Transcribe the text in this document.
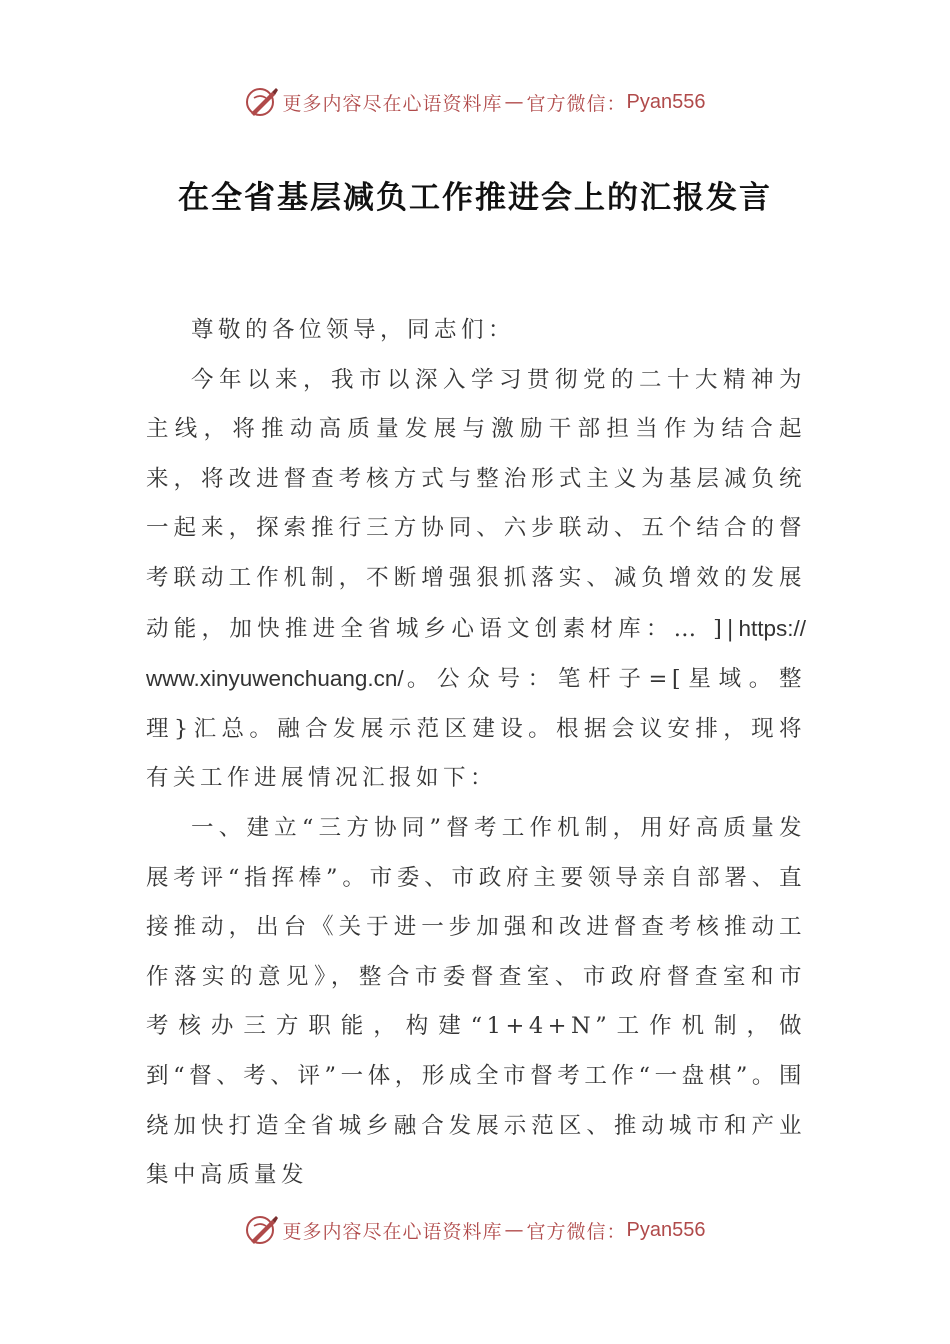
更多内容尽在心语资料库 — 官方微信： Pyan556
在全省基层减负工作推进会上的汇报发言

尊敬的各位领导，同志们：

今年以来，我市以深入学习贯彻党的二十大精神为主线，将推动高质量发展与激励干部担当作为结合起来，将改进督查考核方式与整治形式主义为基层减负统一起来，探索推行三方协同、六步联动、五个结合的督考联动工作机制，不断增强狠抓落实、减负增效的发展动能，加快推进全省城乡心语文创素材库：… ]|https://www.xinyuwenchuang.cn/。公众号：笔杆子=[星域。整理}汇总。融合发展示范区建设。根据会议安排，现将有关工作进展情况汇报如下：

一、建立“三方协同”督考工作机制，用好高质量发展考评“指挥棒”。市委、市政府主要领导亲自部署、直接推动，出台《关于进一步加强和改进督查考核推动工作落实的意见》，整合市委督查室、市政府督查室和市考核办三方职能，构建“1+4+N”工作机制，做到“督、考、评”一体，形成全市督考工作“一盘棋”。围绕加快打造全省城乡融合发展示范区、推动城市和产业集中高质量发

更多内容尽在心语资料库 — 官方微信： Pyan556
